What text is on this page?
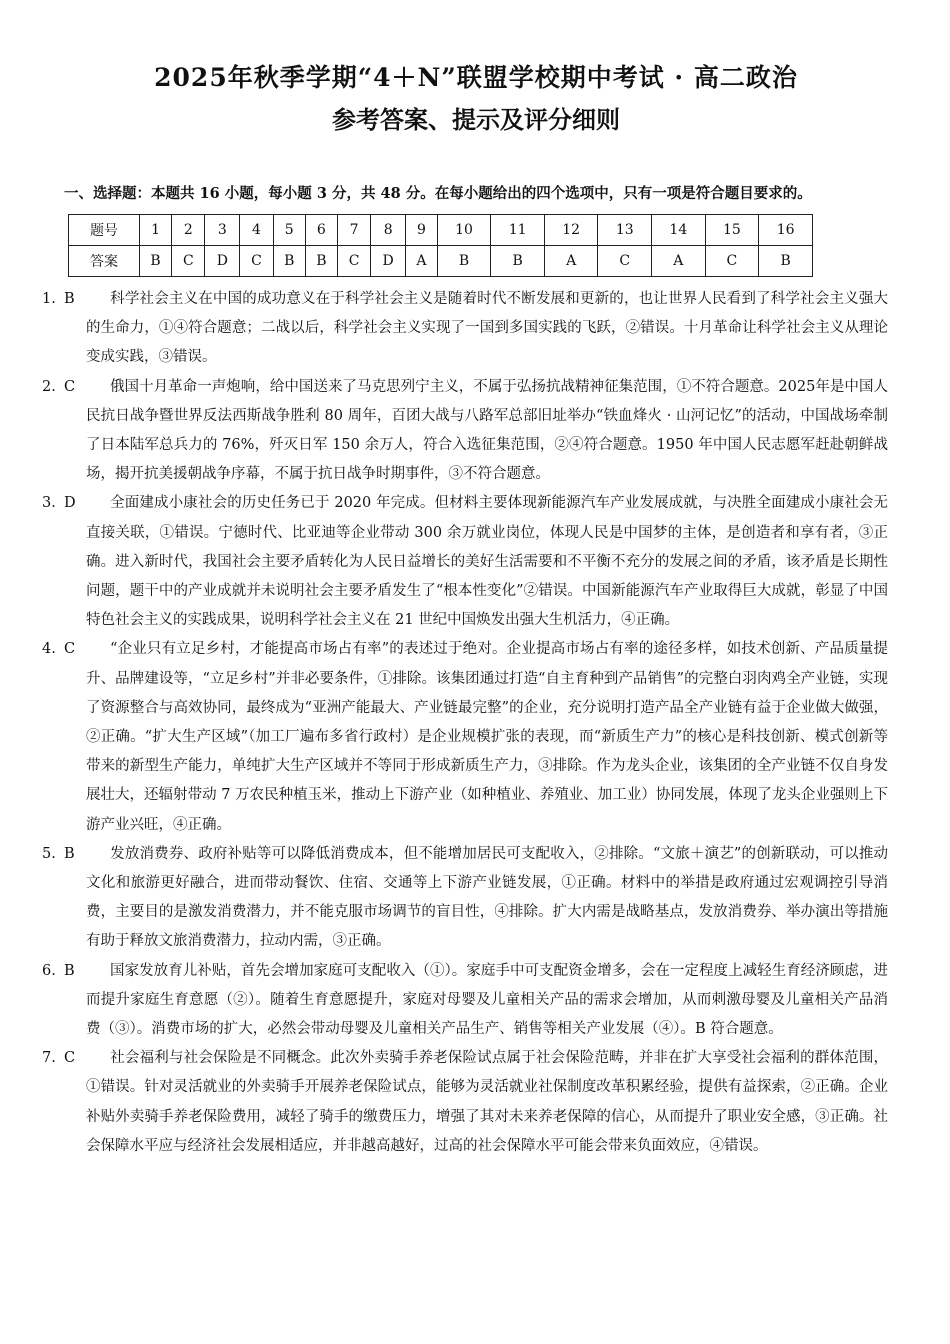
2025年秋季学期“4＋N”联盟学校期中考试 · 高二政治
参考答案、提示及评分细则
一、选择题：本题共 16 小题，每小题 3 分，共 48 分。在每小题给出的四个选项中，只有一项是符合题目要求的。
题号	1	2	3	4	5	6	7	8	9	10	11	12	13	14	15	16
答案	B	C	D	C	B	B	C	D	A	B	B	A	C	A	C	B

1. B 科学社会主义在中国的成功意义在于科学社会主义是随着时代不断发展和更新的，也让世界人民看到了科学社会主义强大的生命力，①④符合题意；二战以后，科学社会主义实现了一国到多国实践的飞跃，②错误。十月革命让科学社会主义从理论变成实践，③错误。

2. C 俄国十月革命一声炮响，给中国送来了马克思列宁主义，不属于弘扬抗战精神征集范围，①不符合题意。2025年是中国人民抗日战争暨世界反法西斯战争胜利 80 周年，百团大战与八路军总部旧址举办“铁血烽火 · 山河记忆”的活动，中国战场牵制了日本陆军总兵力的 76%，歼灭日军 150 余万人，符合入选征集范围，②④符合题意。1950 年中国人民志愿军赶赴朝鲜战场，揭开抗美援朝战争序幕，不属于抗日战争时期事件，③不符合题意。

3. D 全面建成小康社会的历史任务已于 2020 年完成。但材料主要体现新能源汽车产业发展成就，与决胜全面建成小康社会无直接关联，①错误。宁德时代、比亚迪等企业带动 300 余万就业岗位，体现人民是中国梦的主体，是创造者和享有者，③正确。进入新时代，我国社会主要矛盾转化为人民日益增长的美好生活需要和不平衡不充分的发展之间的矛盾，该矛盾是长期性问题，题干中的产业成就并未说明社会主要矛盾发生了“根本性变化”②错误。中国新能源汽车产业取得巨大成就，彰显了中国特色社会主义的实践成果，说明科学社会主义在 21 世纪中国焕发出强大生机活力，④正确。

4. C “企业只有立足乡村，才能提高市场占有率”的表述过于绝对。企业提高市场占有率的途径多样，如技术创新、产品质量提升、品牌建设等，“立足乡村”并非必要条件，①排除。该集团通过打造“自主育种到产品销售”的完整白羽肉鸡全产业链，实现了资源整合与高效协同，最终成为“亚洲产能最大、产业链最完整”的企业，充分说明打造产品全产业链有益于企业做大做强，②正确。“扩大生产区域”（加工厂遍布多省行政村）是企业规模扩张的表现，而“新质生产力”的核心是科技创新、模式创新等带来的新型生产能力，单纯扩大生产区域并不等同于形成新质生产力，③排除。作为龙头企业，该集团的全产业链不仅自身发展壮大，还辐射带动 7 万农民种植玉米，推动上下游产业（如种植业、养殖业、加工业）协同发展，体现了龙头企业强则上下游产业兴旺，④正确。

5. B 发放消费券、政府补贴等可以降低消费成本，但不能增加居民可支配收入，②排除。“文旅＋演艺”的创新联动，可以推动文化和旅游更好融合，进而带动餐饮、住宿、交通等上下游产业链发展，①正确。材料中的举措是政府通过宏观调控引导消费，主要目的是激发消费潜力，并不能克服市场调节的盲目性，④排除。扩大内需是战略基点，发放消费券、举办演出等措施有助于释放文旅消费潜力，拉动内需，③正确。

6. B 国家发放育儿补贴，首先会增加家庭可支配收入（①）。家庭手中可支配资金增多，会在一定程度上减轻生育经济顾虑，进而提升家庭生育意愿（②）。随着生育意愿提升，家庭对母婴及儿童相关产品的需求会增加，从而刺激母婴及儿童相关产品消费（③）。消费市场的扩大，必然会带动母婴及儿童相关产品生产、销售等相关产业发展（④）。B 符合题意。

7. C 社会福利与社会保险是不同概念。此次外卖骑手养老保险试点属于社会保险范畴，并非在扩大享受社会福利的群体范围，①错误。针对灵活就业的外卖骑手开展养老保险试点，能够为灵活就业社保制度改革积累经验，提供有益探索，②正确。企业补贴外卖骑手养老保险费用，减轻了骑手的缴费压力，增强了其对未来养老保障的信心，从而提升了职业安全感，③正确。社会保障水平应与经济社会发展相适应，并非越高越好，过高的社会保障水平可能会带来负面效应，④错误。
